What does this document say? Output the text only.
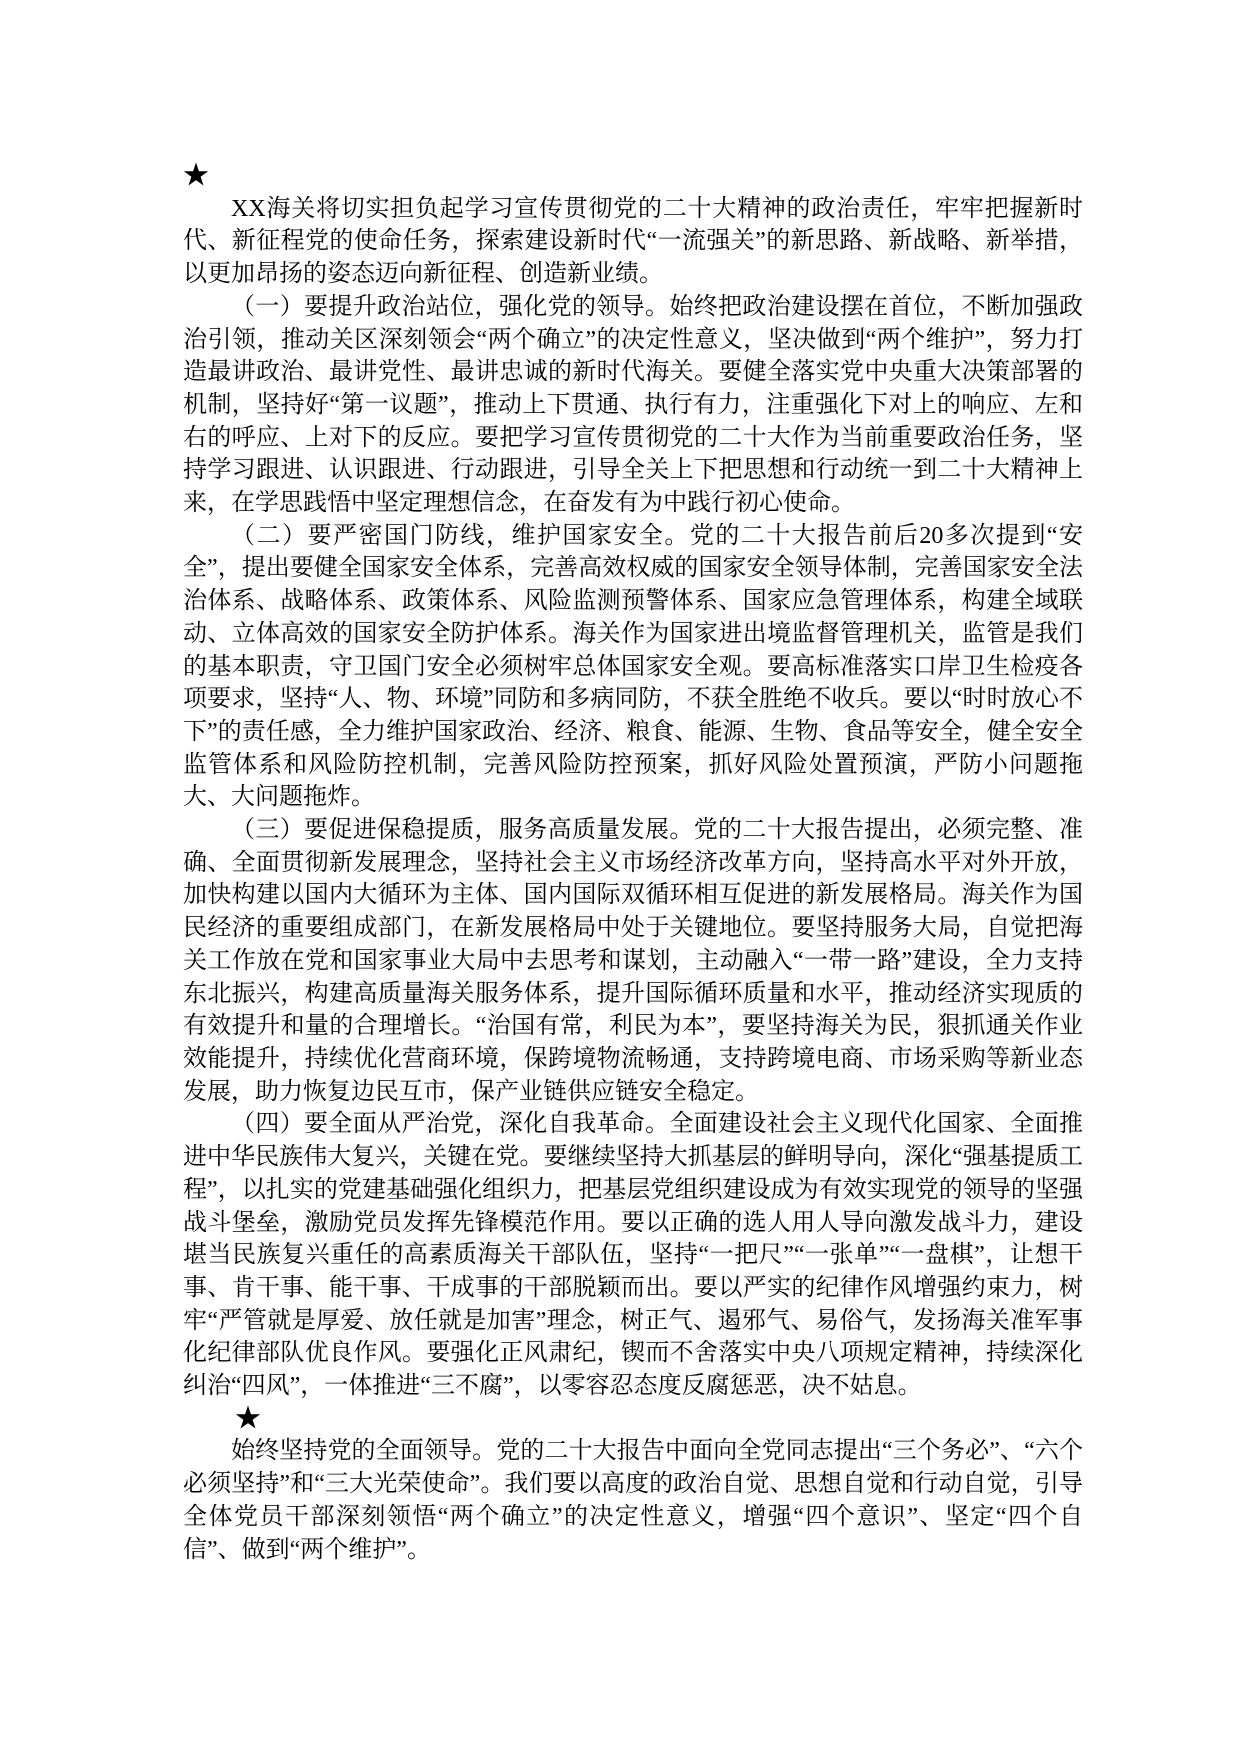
★

XX海关将切实担负起学习宣传贯彻党的二十大精神的政治责任，牢牢把握新时代、新征程党的使命任务，探索建设新时代“一流强关”的新思路、新战略、新举措，以更加昂扬的姿态迈向新征程、创造新业绩。

（一）要提升政治站位，强化党的领导。始终把政治建设摆在首位，不断加强政治引领，推动关区深刻领会“两个确立”的决定性意义，坚决做到“两个维护”，努力打造最讲政治、最讲党性、最讲忠诚的新时代海关。要健全落实党中央重大决策部署的机制，坚持好“第一议题”，推动上下贯通、执行有力，注重强化下对上的响应、左和右的呼应、上对下的反应。要把学习宣传贯彻党的二十大作为当前重要政治任务，坚持学习跟进、认识跟进、行动跟进，引导全关上下把思想和行动统一到二十大精神上来，在学思践悟中坚定理想信念，在奋发有为中践行初心使命。

（二）要严密国门防线，维护国家安全。党的二十大报告前后20多次提到“安全”，提出要健全国家安全体系，完善高效权威的国家安全领导体制，完善国家安全法治体系、战略体系、政策体系、风险监测预警体系、国家应急管理体系，构建全域联动、立体高效的国家安全防护体系。海关作为国家进出境监督管理机关，监管是我们的基本职责，守卫国门安全必须树牢总体国家安全观。要高标准落实口岸卫生检疫各项要求，坚持“人、物、环境”同防和多病同防，不获全胜绝不收兵。要以“时时放心不下”的责任感，全力维护国家政治、经济、粮食、能源、生物、食品等安全，健全安全监管体系和风险防控机制，完善风险防控预案，抓好风险处置预演，严防小问题拖大、大问题拖炸。

（三）要促进保稳提质，服务高质量发展。党的二十大报告提出，必须完整、准确、全面贯彻新发展理念，坚持社会主义市场经济改革方向，坚持高水平对外开放，加快构建以国内大循环为主体、国内国际双循环相互促进的新发展格局。海关作为国民经济的重要组成部门，在新发展格局中处于关键地位。要坚持服务大局，自觉把海关工作放在党和国家事业大局中去思考和谋划，主动融入“一带一路”建设，全力支持东北振兴，构建高质量海关服务体系，提升国际循环质量和水平，推动经济实现质的有效提升和量的合理增长。“治国有常，利民为本”，要坚持海关为民，狠抓通关作业效能提升，持续优化营商环境，保跨境物流畅通，支持跨境电商、市场采购等新业态发展，助力恢复边民互市，保产业链供应链安全稳定。

（四）要全面从严治党，深化自我革命。全面建设社会主义现代化国家、全面推进中华民族伟大复兴，关键在党。要继续坚持大抓基层的鲜明导向，深化“强基提质工程”，以扎实的党建基础强化组织力，把基层党组织建设成为有效实现党的领导的坚强战斗堡垒，激励党员发挥先锋模范作用。要以正确的选人用人导向激发战斗力，建设堪当民族复兴重任的高素质海关干部队伍，坚持“一把尺”“一张单”“一盘棋”，让想干事、肯干事、能干事、干成事的干部脱颖而出。要以严实的纪律作风增强约束力，树牢“严管就是厚爱、放任就是加害”理念，树正气、遏邪气、易俗气，发扬海关准军事化纪律部队优良作风。要强化正风肃纪，锲而不舍落实中央八项规定精神，持续深化纠治“四风”，一体推进“三不腐”，以零容忍态度反腐惩恶，决不姑息。

★

始终坚持党的全面领导。党的二十大报告中面向全党同志提出“三个务必”、“六个必须坚持”和“三大光荣使命”。我们要以高度的政治自觉、思想自觉和行动自觉，引导全体党员干部深刻领悟“两个确立”的决定性意义，增强“四个意识”、坚定“四个自信”、做到“两个维护”。
